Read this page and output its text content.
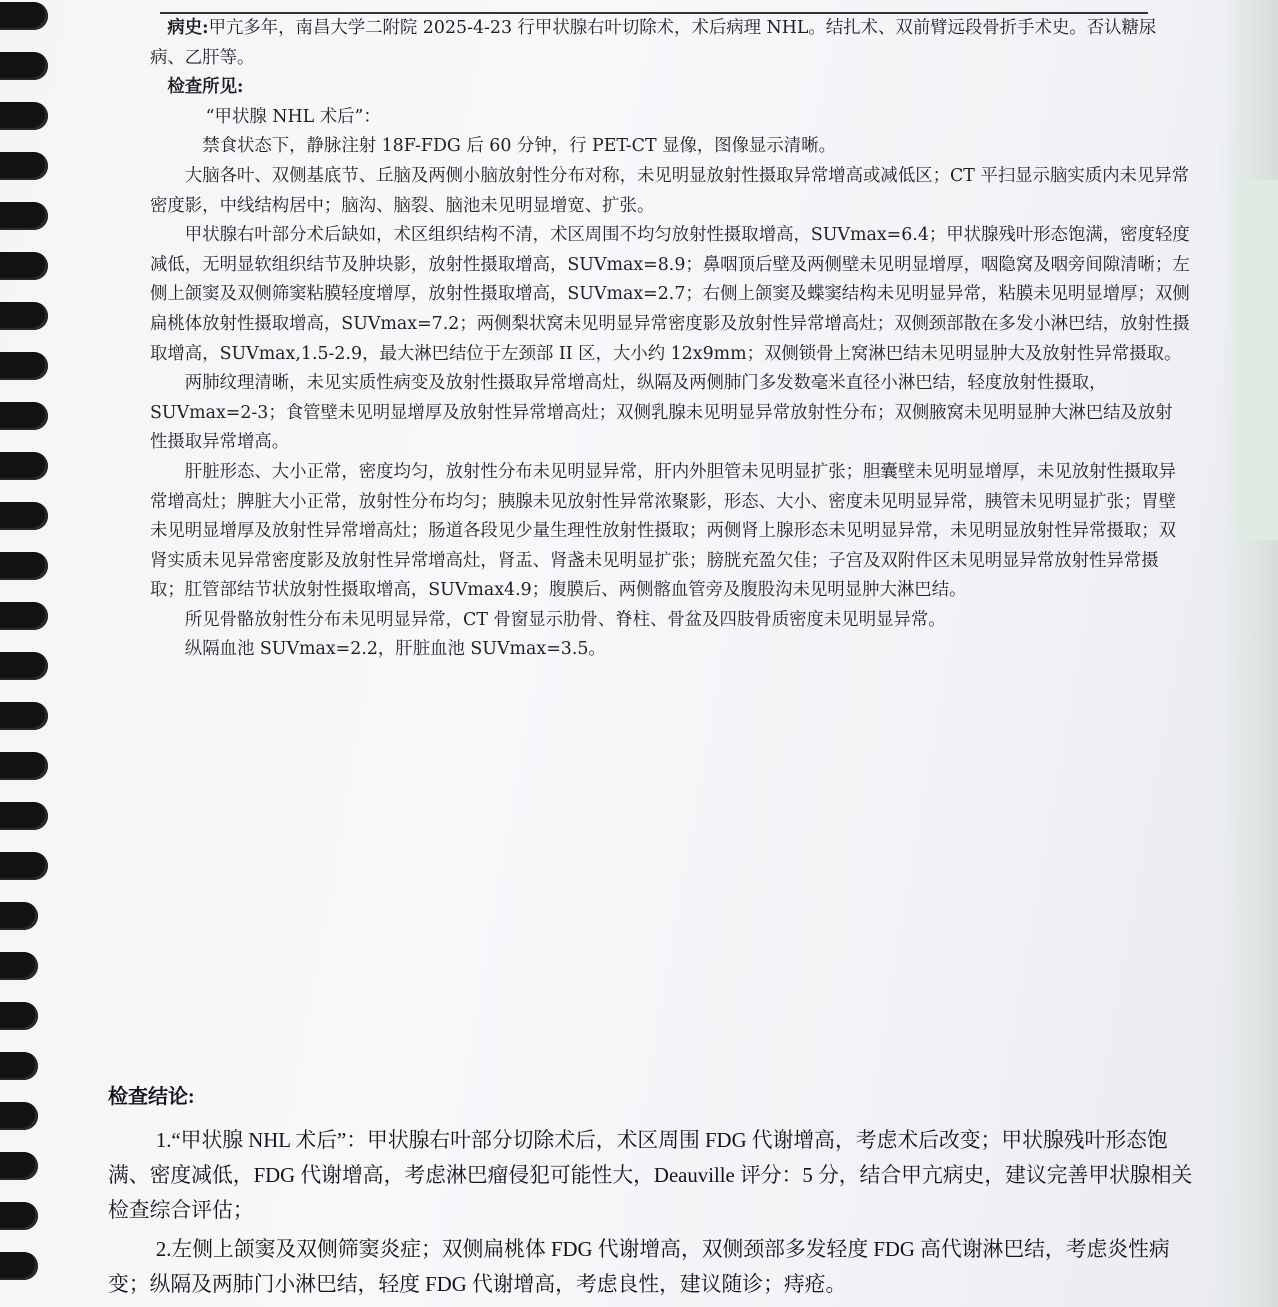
病史:甲亢多年，南昌大学二附院 2025-4-23 行甲状腺右叶切除术，术后病理 NHL。结扎术、双前臂远段骨折手术史。否认糖尿病、乙肝等。

检查所见:

“甲状腺 NHL 术后”：

禁食状态下，静脉注射 18F-FDG 后 60 分钟，行 PET-CT 显像，图像显示清晰。

大脑各叶、双侧基底节、丘脑及两侧小脑放射性分布对称，未见明显放射性摄取异常增高或减低区；CT 平扫显示脑实质内未见异常密度影，中线结构居中；脑沟、脑裂、脑池未见明显增宽、扩张。

甲状腺右叶部分术后缺如，术区组织结构不清，术区周围不均匀放射性摄取增高，SUVmax=6.4；甲状腺残叶形态饱满，密度轻度减低，无明显软组织结节及肿块影，放射性摄取增高，SUVmax=8.9；鼻咽顶后壁及两侧壁未见明显增厚，咽隐窝及咽旁间隙清晰；左侧上颌窦及双侧筛窦粘膜轻度增厚，放射性摄取增高，SUVmax=2.7；右侧上颌窦及蝶窦结构未见明显异常，粘膜未见明显增厚；双侧扁桃体放射性摄取增高，SUVmax=7.2；两侧梨状窝未见明显异常密度影及放射性异常增高灶；双侧颈部散在多发小淋巴结，放射性摄取增高，SUVmax,1.5-2.9，最大淋巴结位于左颈部 II 区，大小约 12x9mm；双侧锁骨上窝淋巴结未见明显肿大及放射性异常摄取。

两肺纹理清晰，未见实质性病变及放射性摄取异常增高灶，纵隔及两侧肺门多发数毫米直径小淋巴结，轻度放射性摄取，SUVmax=2-3；食管壁未见明显增厚及放射性异常增高灶；双侧乳腺未见明显异常放射性分布；双侧腋窝未见明显肿大淋巴结及放射性摄取异常增高。

肝脏形态、大小正常，密度均匀，放射性分布未见明显异常，肝内外胆管未见明显扩张；胆囊壁未见明显增厚，未见放射性摄取异常增高灶；脾脏大小正常，放射性分布均匀；胰腺未见放射性异常浓聚影，形态、大小、密度未见明显异常，胰管未见明显扩张；胃壁未见明显增厚及放射性异常增高灶；肠道各段见少量生理性放射性摄取；两侧肾上腺形态未见明显异常，未见明显放射性异常摄取；双肾实质未见异常密度影及放射性异常增高灶，肾盂、肾盏未见明显扩张；膀胱充盈欠佳；子宫及双附件区未见明显异常放射性异常摄取；肛管部结节状放射性摄取增高，SUVmax4.9；腹膜后、两侧髂血管旁及腹股沟未见明显肿大淋巴结。

所见骨骼放射性分布未见明显异常，CT 骨窗显示肋骨、脊柱、骨盆及四肢骨质密度未见明显异常。

纵隔血池 SUVmax=2.2，肝脏血池 SUVmax=3.5。

检查结论:

1.“甲状腺 NHL 术后”：甲状腺右叶部分切除术后，术区周围 FDG 代谢增高，考虑术后改变；甲状腺残叶形态饱满、密度减低，FDG 代谢增高，考虑淋巴瘤侵犯可能性大，Deauville 评分：5 分，结合甲亢病史，建议完善甲状腺相关检查综合评估；

2.左侧上颌窦及双侧筛窦炎症；双侧扁桃体 FDG 代谢增高，双侧颈部多发轻度 FDG 高代谢淋巴结，考虑炎性病变；纵隔及两肺门小淋巴结，轻度 FDG 代谢增高，考虑良性，建议随诊；痔疮。
